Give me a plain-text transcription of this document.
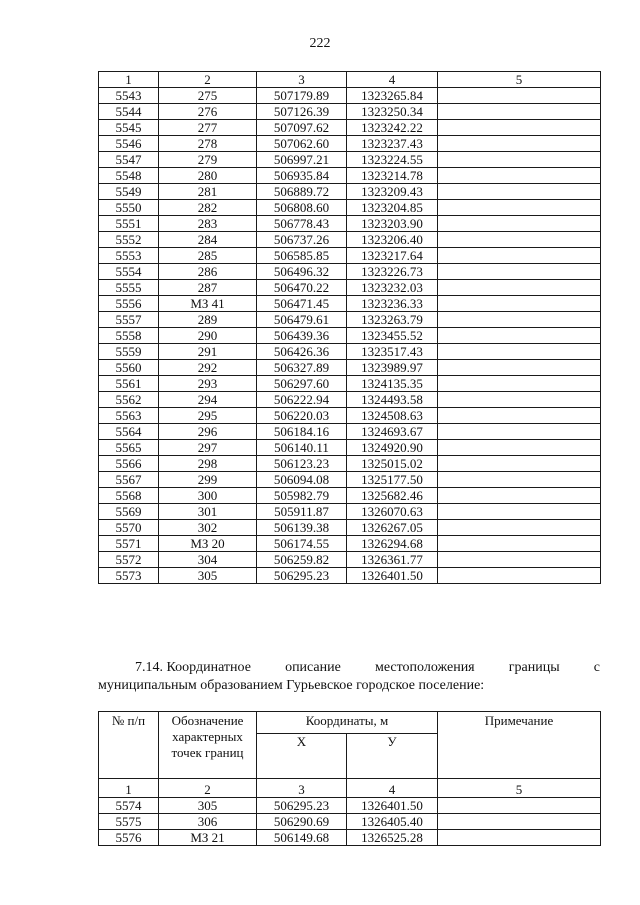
222
1	2	3	4	5
5543	275	507179.89	1323265.84	
5544	276	507126.39	1323250.34	
5545	277	507097.62	1323242.22	
5546	278	507062.60	1323237.43	
5547	279	506997.21	1323224.55	
5548	280	506935.84	1323214.78	
5549	281	506889.72	1323209.43	
5550	282	506808.60	1323204.85	
5551	283	506778.43	1323203.90	
5552	284	506737.26	1323206.40	
5553	285	506585.85	1323217.64	
5554	286	506496.32	1323226.73	
5555	287	506470.22	1323232.03	
5556	МЗ 41	506471.45	1323236.33	
5557	289	506479.61	1323263.79	
5558	290	506439.36	1323455.52	
5559	291	506426.36	1323517.43	
5560	292	506327.89	1323989.97	
5561	293	506297.60	1324135.35	
5562	294	506222.94	1324493.58	
5563	295	506220.03	1324508.63	
5564	296	506184.16	1324693.67	
5565	297	506140.11	1324920.90	
5566	298	506123.23	1325015.02	
5567	299	506094.08	1325177.50	
5568	300	505982.79	1325682.46	
5569	301	505911.87	1326070.63	
5570	302	506139.38	1326267.05	
5571	МЗ 20	506174.55	1326294.68	
5572	304	506259.82	1326361.77	
5573	305	506295.23	1326401.50	
7.14. Координатное описание местоположения границы с
муниципальным образованием Гурьевское городское поселение:
№ п/п	Обозначение характерных точек границ	Координаты, м		Примечание
		Х	У	
1	2	3	4	5
5574	305	506295.23	1326401.50	
5575	306	506290.69	1326405.40	
5576	МЗ 21	506149.68	1326525.28	
